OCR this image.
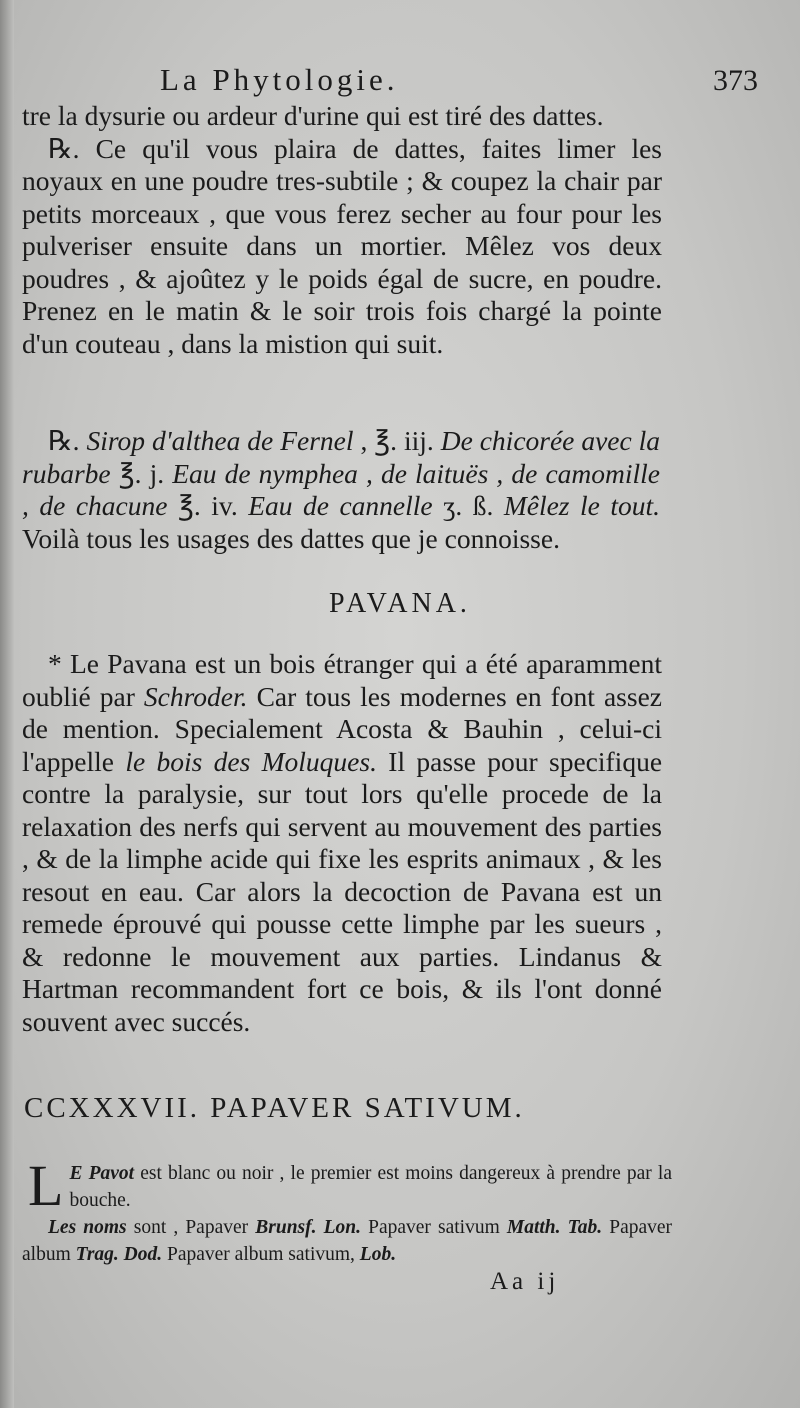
La Phytologie.	373

tre la dysurie ou ardeur d'urine qui est tiré des dattes.

℞. Ce qu'il vous plaira de dattes, faites limer les noyaux en une poudre tres-subtile ; & coupez la chair par petits morceaux , que vous ferez secher au four pour les pulveriser ensuite dans un mortier. Mêlez vos deux poudres , & ajoûtez y le poids égal de sucre, en poudre. Prenez en le matin & le soir trois fois chargé la pointe d'un couteau , dans la mistion qui suit.

℞. Sirop d'althea de Fernel , ℥. iij. De chicorée avec la rubarbe ℥. j. Eau de nymphea , de laituës , de camomille , de chacune ℥. iv. Eau de cannelle ʒ. ß. Mêlez le tout. Voilà tous les usages des dattes que je connoisse.

PAVANA.

* Le Pavana est un bois étranger qui a été aparamment oublié par Schroder. Car tous les modernes en font assez de mention. Specialement Acosta & Bauhin , celui-ci l'appelle le bois des Moluques. Il passe pour specifique contre la paralysie, sur tout lors qu'elle procede de la relaxation des nerfs qui servent au mouvement des parties , & de la limphe acide qui fixe les esprits animaux , & les resout en eau. Car alors la decoction de Pavana est un remede éprouvé qui pousse cette limphe par les sueurs , & redonne le mouvement aux parties. Lindanus & Hartman recommandent fort ce bois, & ils l'ont donné souvent avec succés.

CCXXXVII. PAPAVER SATIVUM.

L E Pavot est blanc ou noir , le premier est moins dangereux à prendre par la bouche.

Les noms sont , Papaver Brunsf. Lon. Papaver sativum Matth. Tab. Papaver album Trag. Dod. Papaver album sativum, Lob.

Aa ij
